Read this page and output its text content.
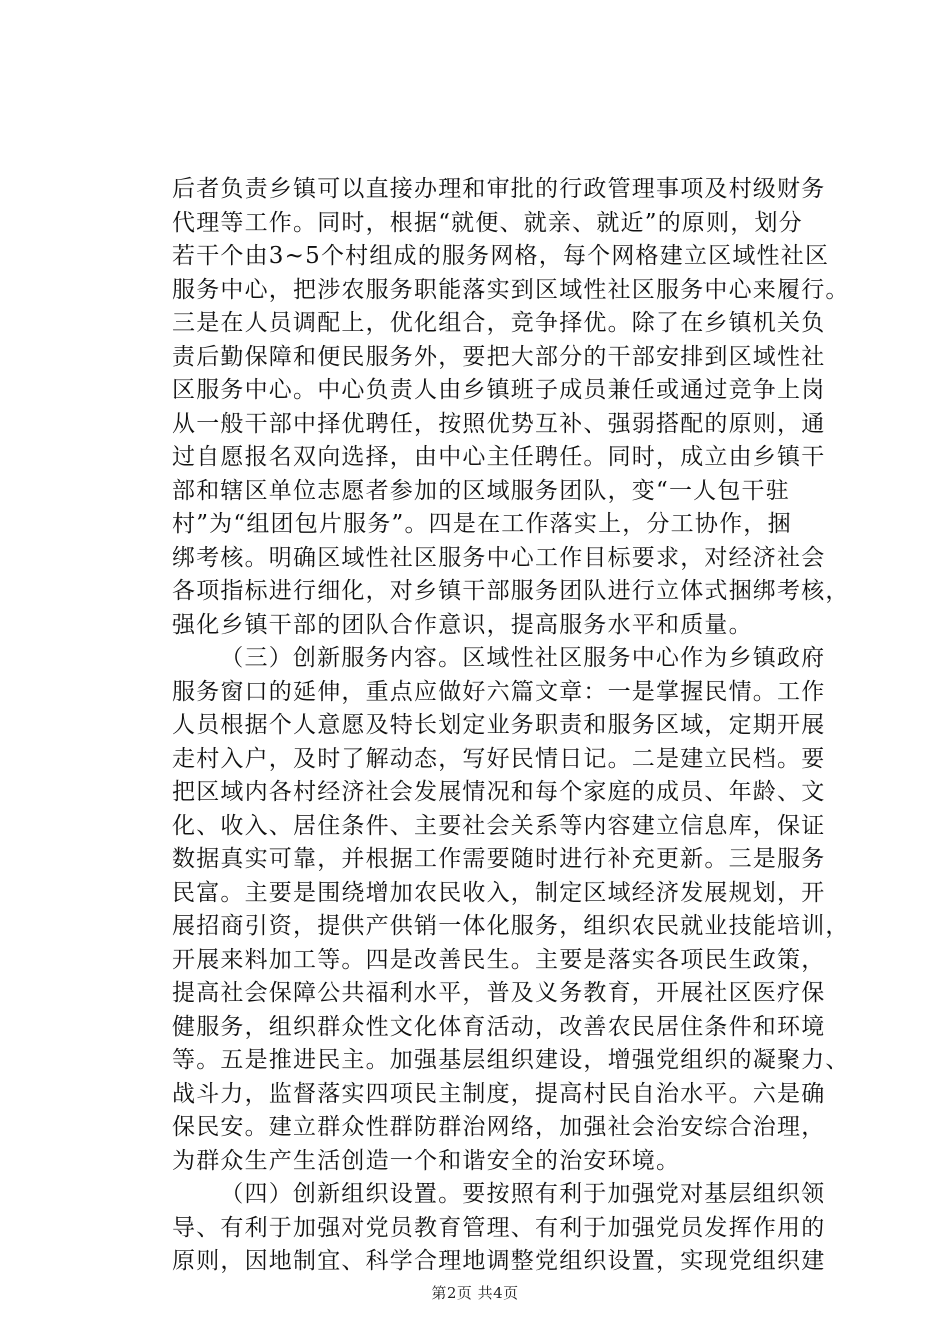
后者负责乡镇可以直接办理和审批的行政管理事项及村级财务
代理等工作。同时，根据“就便、就亲、就近”的原则，划分
若干个由3~5个村组成的服务网格，每个网格建立区域性社区
服务中心，把涉农服务职能落实到区域性社区服务中心来履行。
三是在人员调配上，优化组合，竞争择优。除了在乡镇机关负
责后勤保障和便民服务外，要把大部分的干部安排到区域性社
区服务中心。中心负责人由乡镇班子成员兼任或通过竞争上岗
从一般干部中择优聘任，按照优势互补、强弱搭配的原则，通
过自愿报名双向选择，由中心主任聘任。同时，成立由乡镇干
部和辖区单位志愿者参加的区域服务团队，变“一人包干驻
村”为“组团包片服务”。四是在工作落实上，分工协作，捆
绑考核。明确区域性社区服务中心工作目标要求，对经济社会
各项指标进行细化，对乡镇干部服务团队进行立体式捆绑考核，
强化乡镇干部的团队合作意识，提高服务水平和质量。
（三）创新服务内容。区域性社区服务中心作为乡镇政府
服务窗口的延伸，重点应做好六篇文章：一是掌握民情。工作
人员根据个人意愿及特长划定业务职责和服务区域，定期开展
走村入户，及时了解动态，写好民情日记。二是建立民档。要
把区域内各村经济社会发展情况和每个家庭的成员、年龄、文
化、收入、居住条件、主要社会关系等内容建立信息库，保证
数据真实可靠，并根据工作需要随时进行补充更新。三是服务
民富。主要是围绕增加农民收入，制定区域经济发展规划，开
展招商引资，提供产供销一体化服务，组织农民就业技能培训，
开展来料加工等。四是改善民生。主要是落实各项民生政策，
提高社会保障公共福利水平，普及义务教育，开展社区医疗保
健服务，组织群众性文化体育活动，改善农民居住条件和环境
等。五是推进民主。加强基层组织建设，增强党组织的凝聚力、
战斗力，监督落实四项民主制度，提高村民自治水平。六是确
保民安。建立群众性群防群治网络，加强社会治安综合治理，
为群众生产生活创造一个和谐安全的治安环境。
（四）创新组织设置。要按照有利于加强党对基层组织领
导、有利于加强对党员教育管理、有利于加强党员发挥作用的
原则，因地制宜、科学合理地调整党组织设置，实现党组织建
第2页 共4页
